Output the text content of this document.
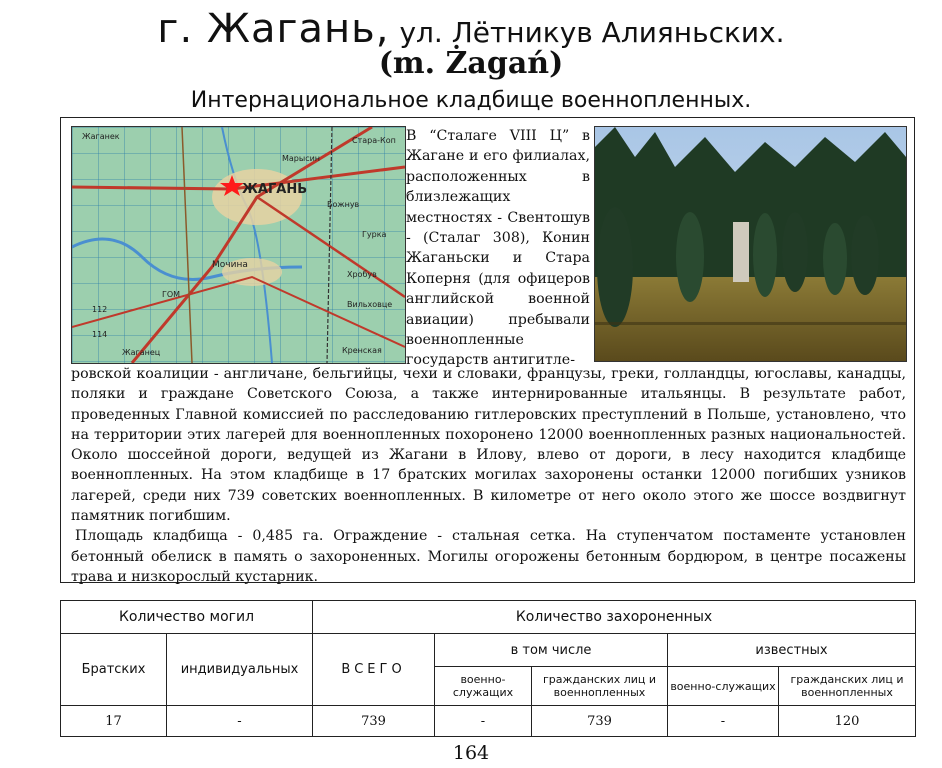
г. Жагань, ул. Лётникув Алияньских.
(m. Żagań)
Интернациональное кладбище военнопленных.
Жаганек	Стара-Коп
Марысин
ЖАГАНЬ
Божнув
Гурка
Хробув
Вильховце
Мочина
ГОМ
Жаганец	Кренская
112
114
В “Сталаге VIII Ц” в Жагане и его филиалах, расположенных в близлежащих местностях - Свентошув - (Сталаг 308), Конин Жаганьски и Стара Коперня (для офицеров английской военной авиации) пребывали военнопленные государств антигитле-

ровской коалиции - англичане, бельгийцы, чехи и словаки, французы, греки, голландцы, югославы, канадцы, поляки и граждане Советского Союза, а также интернированные итальянцы. В результате работ, проведенных Главной комиссией по расследованию гитлеровских преступлений в Польше, установлено, что на территории этих лагерей для военнопленных похоронено 12000 военнопленных разных национальностей. Около шоссейной дороги, ведущей из Жагани в Илову, влево от дороги, в лесу находится кладбище военнопленных. На этом кладбище в 17 братских могилах захоронены останки 12000 погибших узников лагерей, среди них 739 советских военнопленных. В километре от него около этого же шоссе воздвигнут памятник погибшим.

Площадь кладбища - 0,485 га. Ограждение - стальная сетка. На ступенчатом постаменте установлен бетонный обелиск в память о захороненных. Могилы огорожены бетонным бордюром, в центре посажены трава и низкорослый кустарник.

Количество могил		Количество захороненных				
Братских	индивидуальных	ВСЕГО	в том числе		известных	
			военно-служащих	гражданских лиц и военнопленных	военно-служащих	гражданских лиц и военнопленных
17	-	739	-	739	-	120
164
